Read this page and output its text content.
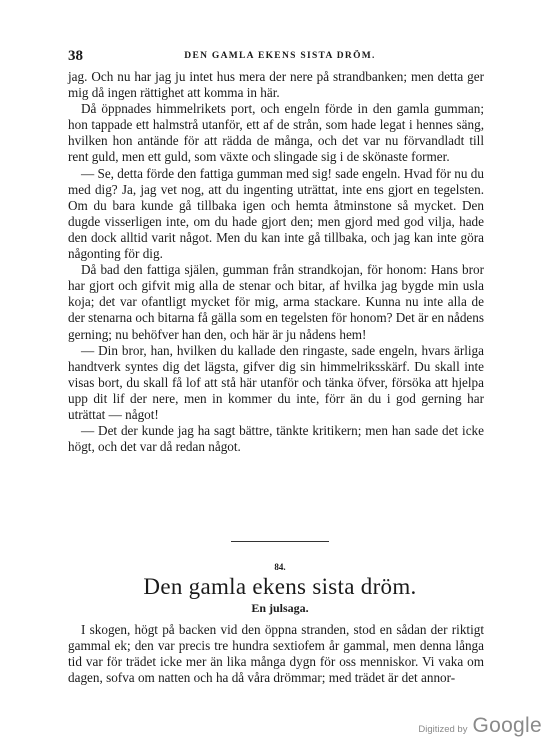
38	DEN GAMLA EKENS SISTA DRÖM.

jag. Och nu har jag ju intet hus mera der nere på strandbanken; men detta ger mig då ingen rättighet att komma in här.

Då öppnades himmelrikets port, och engeln förde in den gamla gumman; hon tappade ett halmstrå utanför, ett af de strån, som hade legat i hennes säng, hvilken hon antände för att rädda de många, och det var nu förvandladt till rent guld, men ett guld, som växte och slingade sig i de skönaste former.

— Se, detta förde den fattiga gumman med sig! sade engeln. Hvad för nu du med dig? Ja, jag vet nog, att du ingenting uträttat, inte ens gjort en tegelsten. Om du bara kunde gå tillbaka igen och hemta åtminstone så mycket. Den dugde visserligen inte, om du hade gjort den; men gjord med god vilja, hade den dock alltid varit något. Men du kan inte gå tillbaka, och jag kan inte göra någonting för dig.

Då bad den fattiga själen, gumman från strandkojan, för honom: Hans bror har gjort och gifvit mig alla de stenar och bitar, af hvilka jag bygde min usla koja; det var ofantligt mycket för mig, arma stackare. Kunna nu inte alla de der stenarna och bitarna få gälla som en tegelsten för honom? Det är en nådens gerning; nu behöfver han den, och här är ju nådens hem!

— Din bror, han, hvilken du kallade den ringaste, sade engeln, hvars ärliga handtverk syntes dig det lägsta, gifver dig sin himmelriksskärf. Du skall inte visas bort, du skall få lof att stå här utanför och tänka öfver, försöka att hjelpa upp dit lif der nere, men in kommer du inte, förr än du i god gerning har uträttat — något!

— Det der kunde jag ha sagt bättre, tänkte kritikern; men han sade det icke högt, och det var då redan något.

84.
Den gamla ekens sista dröm.
En julsaga.

I skogen, högt på backen vid den öppna stranden, stod en sådan der riktigt gammal ek; den var precis tre hundra sextiofem år gammal, men denna långa tid var för trädet icke mer än lika många dygn för oss menniskor. Vi vaka om dagen, sofva om natten och ha då våra drömmar; med trädet är det annor-

Digitized by Google
